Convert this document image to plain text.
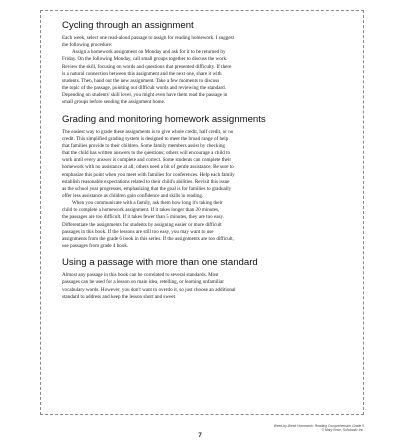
Cycling through an assignment

Each week, select one read-aloud passage to assign for reading homework. I suggest
the following procedure:

Assign a homework assignment on Monday and ask for it to be returned by
Friday. On the following Monday, call small groups together to discuss the work.
Review the skill, focusing on words and questions that presented difficulty. If there
is a natural connection between this assignment and the next one, share it with
students. Then, hand out the new assignment. Take a few moments to discuss
the topic of the passage, pointing out difficult words and reviewing the standard.
Depending on students' skill level, you might even have them read the passage in
small groups before sending the assignment home.

Grading and monitoring homework assignments

The easiest way to grade these assignments is to give whole credit, half credit, or no
credit. This simplified grading system is designed to meet the broad range of help
that families provide to their children. Some family members assist by checking
that the child has written answers to the questions; others will encourage a child to
work until every answer is complete and correct. Some students can complete their
homework with no assistance at all; others need a bit of gentle assistance. Be sure to
emphasize this point when you meet with families for conferences. Help each family
establish reasonable expectations related to their child's abilities. Revisit this issue
as the school year progresses, emphasizing that the goal is for families to gradually
offer less assistance as children gain confidence and skills in reading.

When you communicate with a family, ask them how long it's taking their
child to complete a homework assignment. If it takes longer than 20 minutes,
the passages are too difficult. If it takes fewer than 5 minutes, they are too easy.
Differentiate the assignments for students by assigning easier or more difficult
passages in this book. If the lessons are still too easy, you may want to use
assignments from the grade 6 book in this series. If the assignments are too difficult,
use passages from grade 4 book.

Using a passage with more than one standard

Almost any passage in this book can be correlated to several standards. Most
passages can be used for a lesson on main idea, retelling, or learning unfamiliar
vocabulary words. However, you don't want to overdo it, so just choose an additional
standard to address and keep the lesson short and sweet.

Week-by-Week Homework: Reading Comprehension Grade 5
© Mary Rose, Scholastic Inc.
7
